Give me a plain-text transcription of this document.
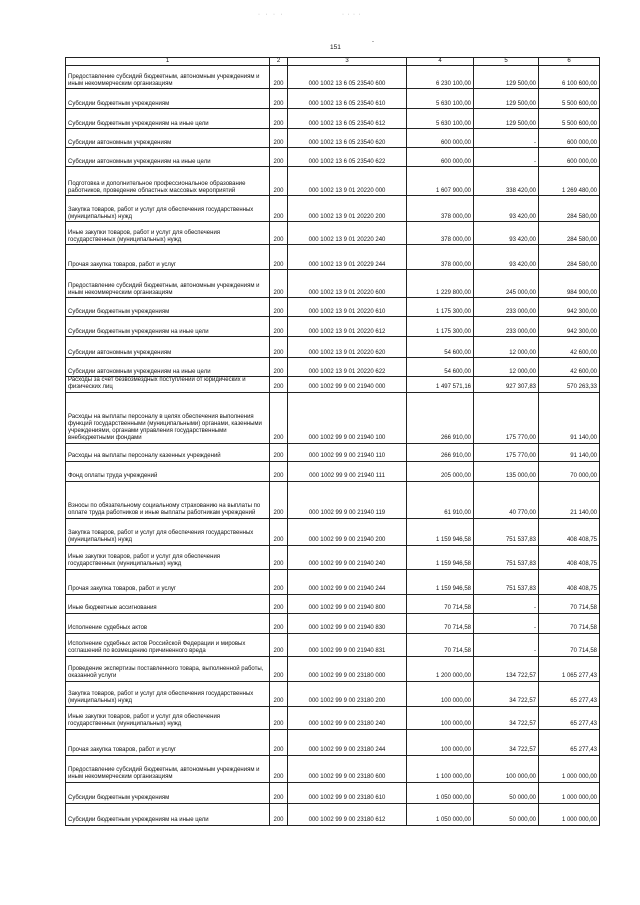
· · · ·	· · · ·
151	ˇ
1	2	3	4	5	6
Предоставление субсидий бюджетным, автономным учреждениям и иным некоммерческим организациям	200	000 1002 13 6 05 23540 600	6 230 100,00	129 500,00	6 100 600,00
Субсидии бюджетным учреждениям	200	000 1002 13 6 05 23540 610	5 630 100,00	129 500,00	5 500 600,00
Субсидии бюджетным учреждениям на иные цели	200	000 1002 13 6 05 23540 612	5 630 100,00	129 500,00	5 500 600,00
Субсидии автономным учреждениям	200	000 1002 13 6 05 23540 620	600 000,00	-	600 000,00
Субсидии автономным учреждениям на иные цели	200	000 1002 13 6 05 23540 622	600 000,00	-	600 000,00
Подготовка и дополнительное профессиональное образование работников, проведение областных массовых мероприятий	200	000 1002 13 9 01 20220 000	1 607 900,00	338 420,00	1 269 480,00
Закупка товаров, работ и услуг для обеспечения государственных (муниципальных) нужд	200	000 1002 13 9 01 20220 200	378 000,00	93 420,00	284 580,00
Иные закупки товаров, работ и услуг для обеспечения государственных (муниципальных) нужд	200	000 1002 13 9 01 20220 240	378 000,00	93 420,00	284 580,00
Прочая закупка товаров, работ и услуг	200	000 1002 13 9 01 20229 244	378 000,00	93 420,00	284 580,00
Предоставление субсидий бюджетным, автономным учреждениям и иным некоммерческим организациям	200	000 1002 13 9 01 20220 600	1 229 800,00	245 000,00	984 900,00
Субсидии бюджетным учреждениям	200	000 1002 13 9 01 20220 610	1 175 300,00	233 000,00	942 300,00
Субсидии бюджетным учреждениям на иные цели	200	000 1002 13 9 01 20220 612	1 175 300,00	233 000,00	942 300,00
Субсидии автономным учреждениям	200	000 1002 13 9 01 20220 620	54 600,00	12 000,00	42 600,00
Субсидии автономным учреждениям на иные цели	200	000 1002 13 9 01 20220 622	54 600,00	12 000,00	42 600,00
Расходы за счет безвозмездных поступлений от юридических и физических лиц	200	000 1002 99 9 00 21940 000	1 497 571,16	927 307,83	570 263,33
Расходы на выплаты персоналу в целях обеспечения выполнения функций государственными (муниципальными) органами, казенными учреждениями, органами управления государственными внебюджетными фондами	200	000 1002 99 9 00 21940 100	266 910,00	175 770,00	91 140,00
Расходы на выплаты персоналу казенных учреждений	200	000 1002 99 9 00 21940 110	266 910,00	175 770,00	91 140,00
Фонд оплаты труда учреждений	200	000 1002 99 9 00 21940 111	205 000,00	135 000,00	70 000,00
Взносы по обязательному социальному страхованию на выплаты по оплате труда работников и иные выплаты работникам учреждений	200	000 1002 99 9 00 21940 119	61 910,00	40 770,00	21 140,00
Закупка товаров, работ и услуг для обеспечения государственных (муниципальных) нужд	200	000 1002 99 9 00 21940 200	1 159 946,58	751 537,83	408 408,75
Иные закупки товаров, работ и услуг для обеспечения государственных (муниципальных) нужд	200	000 1002 99 9 00 21940 240	1 159 946,58	751 537,83	408 408,75
Прочая закупка товаров, работ и услуг	200	000 1002 99 9 00 21940 244	1 159 946,58	751 537,83	408 408,75
Иные бюджетные ассигнования	200	000 1002 99 9 00 21940 800	70 714,58	-	70 714,58
Исполнение судебных актов	200	000 1002 99 9 00 21940 830	70 714,58	-	70 714,58
Исполнение судебных актов Российской Федерации и мировых соглашений по возмещению причиненного вреда	200	000 1002 99 9 00 21940 831	70 714,58	-	70 714,58
Проведение экспертизы поставленного товара, выполненной работы, оказанной услуги	200	000 1002 99 9 00 23180 000	1 200 000,00	134 722,57	1 065 277,43
Закупка товаров, работ и услуг для обеспечения государственных (муниципальных) нужд	200	000 1002 99 9 00 23180 200	100 000,00	34 722,57	65 277,43
Иные закупки товаров, работ и услуг для обеспечения государственных (муниципальных) нужд	200	000 1002 99 9 00 23180 240	100 000,00	34 722,57	65 277,43
Прочая закупка товаров, работ и услуг	200	000 1002 99 9 00 23180 244	100 000,00	34 722,57	65 277,43
Предоставление субсидий бюджетным, автономным учреждениям и иным некоммерческим организациям	200	000 1002 99 9 00 23180 600	1 100 000,00	100 000,00	1 000 000,00
Субсидии бюджетным учреждениям	200	000 1002 99 9 00 23180 610	1 050 000,00	50 000,00	1 000 000,00
Субсидии бюджетным учреждениям на иные цели	200	000 1002 99 9 00 23180 612	1 050 000,00	50 000,00	1 000 000,00
